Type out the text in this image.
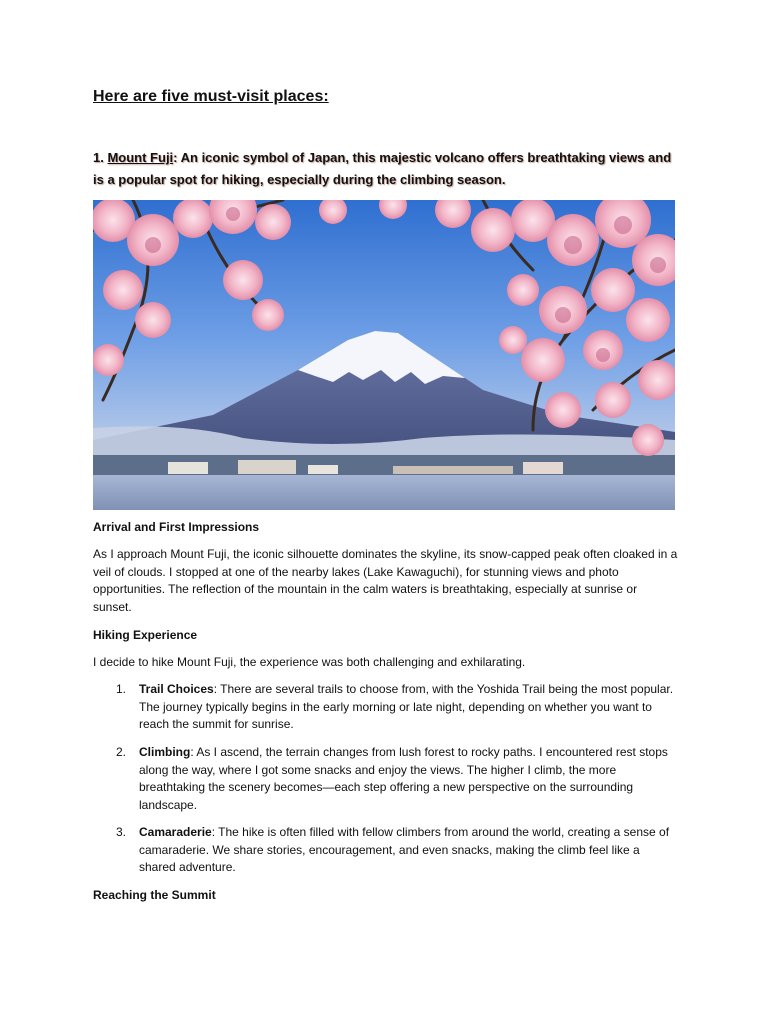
Here are five must-visit places:

1. Mount Fuji: An iconic symbol of Japan, this majestic volcano offers breathtaking views and is a popular spot for hiking, especially during the climbing season.

Arrival and First Impressions

As I approach Mount Fuji, the iconic silhouette dominates the skyline, its snow-capped peak often cloaked in a veil of clouds. I stopped at one of the nearby lakes (Lake Kawaguchi), for stunning views and photo opportunities. The reflection of the mountain in the calm waters is breathtaking, especially at sunrise or sunset.

Hiking Experience

I decide to hike Mount Fuji, the experience was both challenging and exhilarating.

1. Trail Choices: There are several trails to choose from, with the Yoshida Trail being the most popular. The journey typically begins in the early morning or late night, depending on whether you want to reach the summit for sunrise.
2. Climbing: As I ascend, the terrain changes from lush forest to rocky paths. I encountered rest stops along the way, where I got some snacks and enjoy the views. The higher I climb, the more breathtaking the scenery becomes—each step offering a new perspective on the surrounding landscape.
3. Camaraderie: The hike is often filled with fellow climbers from around the world, creating a sense of camaraderie. We share stories, encouragement, and even snacks, making the climb feel like a shared adventure.
Reaching the Summit
